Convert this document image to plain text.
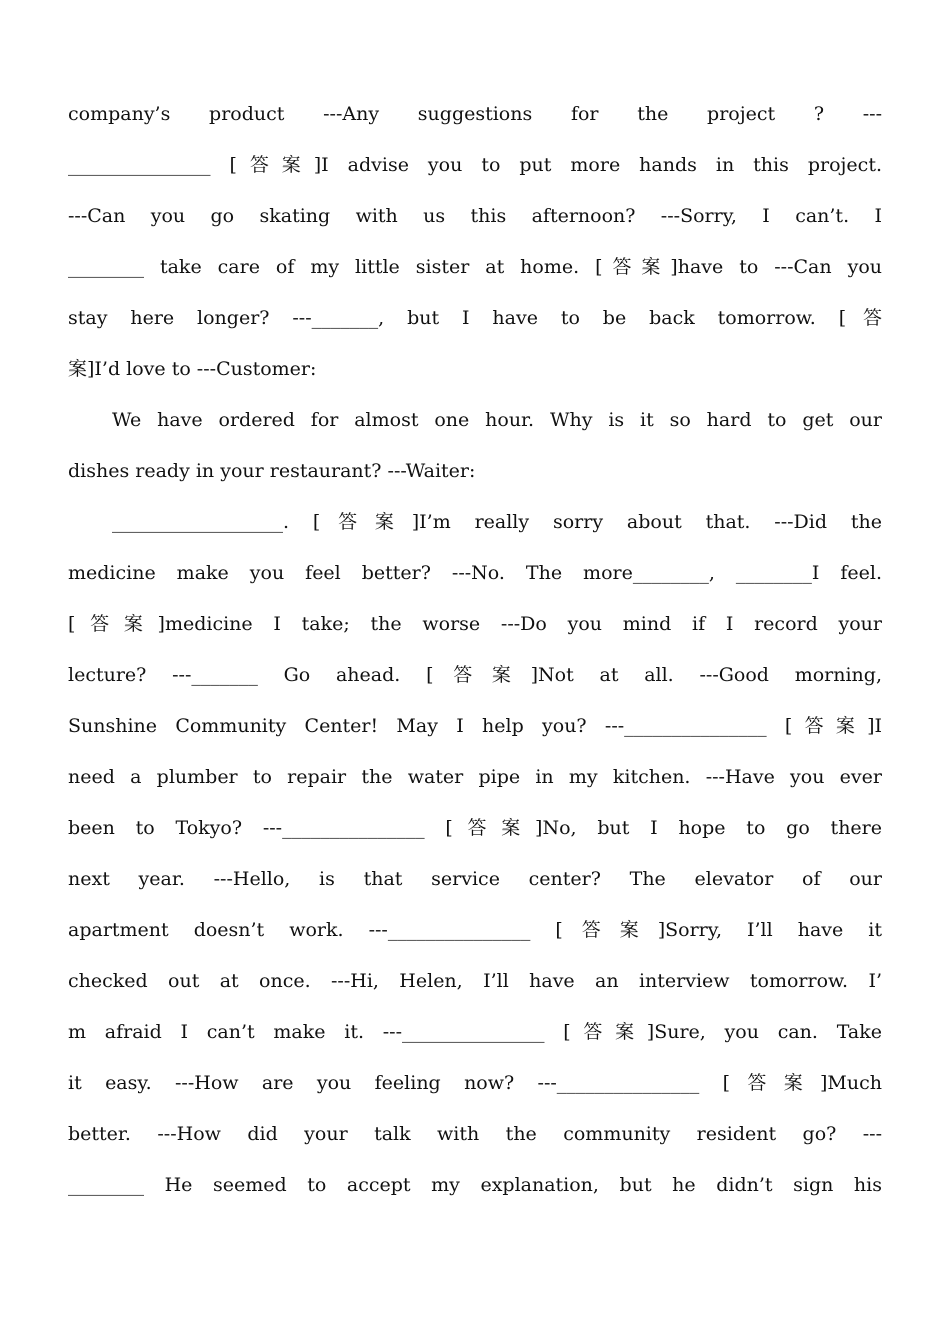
company’s product ---Any suggestions for the project ? ---
_______________ [答案]I advise you to put more hands in this project.
---Can you go skating with us this afternoon? ---Sorry, I can’t. I
________ take care of my little sister at home. [答案]have to ---Can you
stay here longer? ---_______, but I have to be back tomorrow. [答
案]I’d love to ---Customer:
We have ordered for almost one hour. Why is it so hard to get our
dishes ready in your restaurant? ---Waiter:
__________________. [答案]I’m really sorry about that. ---Did the
medicine make you feel better? ---No. The more________, ________I feel.
[答案]medicine I take; the worse ---Do you mind if I record your
lecture? ---_______ Go ahead. [答案]Not at all. ---Good morning,
Sunshine Community Center! May I help you? ---_______________ [答案]I
need a plumber to repair the water pipe in my kitchen. ---Have you ever
been to Tokyo? ---_______________ [答案]No, but I hope to go there
next year. ---Hello, is that service center? The elevator of our
apartment doesn’t work. ---_______________ [答案]Sorry, I’ll have it
checked out at once. ---Hi, Helen, I’ll have an interview tomorrow. I’
m afraid I can’t make it. ---_______________ [答案]Sure, you can. Take
it easy. ---How are you feeling now? ---_______________ [答案]Much
better. ---How did your talk with the community resident go? ---
________ He seemed to accept my explanation, but he didn’t sign his
